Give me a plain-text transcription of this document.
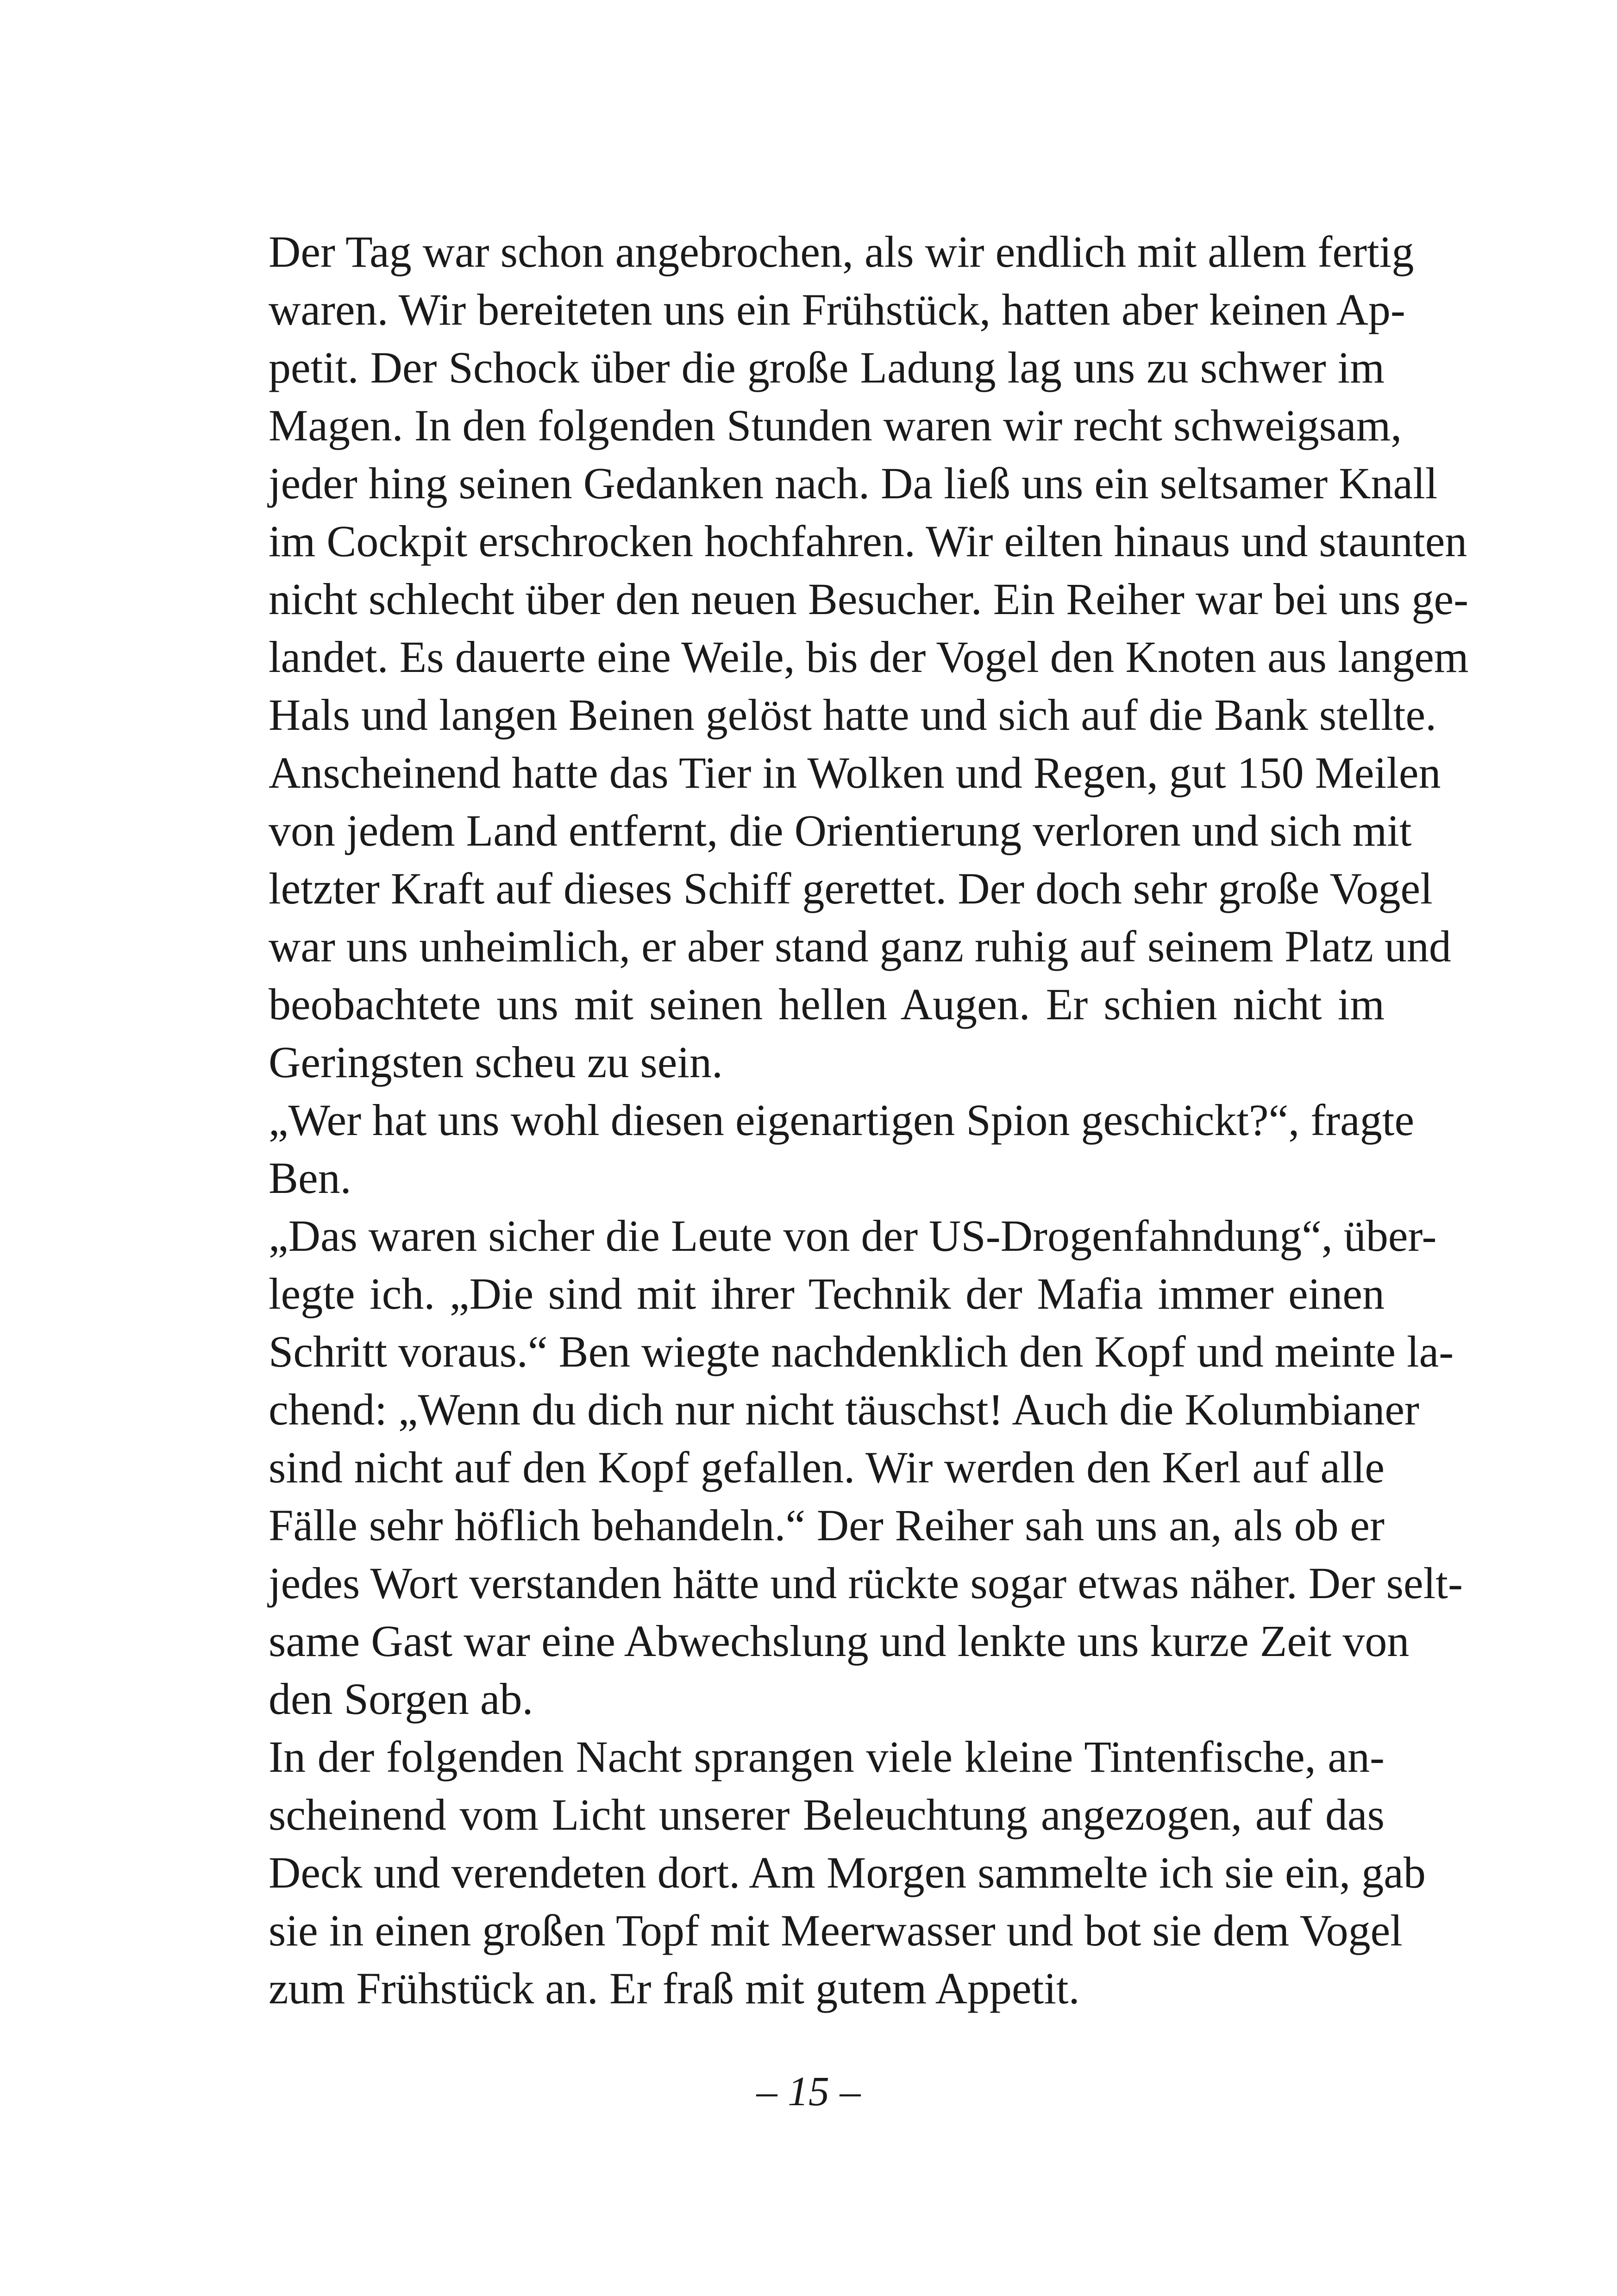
Der Tag war schon angebrochen, als wir endlich mit allem fertig
waren. Wir bereiteten uns ein Frühstück, hatten aber keinen Ap-
petit. Der Schock über die große Ladung lag uns zu schwer im
Magen. In den folgenden Stunden waren wir recht schweigsam,
jeder hing seinen Gedanken nach. Da ließ uns ein seltsamer Knall
im Cockpit erschrocken hochfahren. Wir eilten hinaus und staunten
nicht schlecht über den neuen Besucher. Ein Reiher war bei uns ge-
landet. Es dauerte eine Weile, bis der Vogel den Knoten aus langem
Hals und langen Beinen gelöst hatte und sich auf die Bank stellte.
Anscheinend hatte das Tier in Wolken und Regen, gut 150 Meilen
von jedem Land entfernt, die Orientierung verloren und sich mit
letzter Kraft auf dieses Schiff gerettet. Der doch sehr große Vogel
war uns unheimlich, er aber stand ganz ruhig auf seinem Platz und
beobachtete uns mit seinen hellen Augen. Er schien nicht im
Geringsten scheu zu sein.
„Wer hat uns wohl diesen eigenartigen Spion geschickt?“, fragte
Ben.
„Das waren sicher die Leute von der US-Drogenfahndung“, über-
legte ich. „Die sind mit ihrer Technik der Mafia immer einen
Schritt voraus.“ Ben wiegte nachdenklich den Kopf und meinte la-
chend: „Wenn du dich nur nicht täuschst! Auch die Kolumbianer
sind nicht auf den Kopf gefallen. Wir werden den Kerl auf alle
Fälle sehr höflich behandeln.“ Der Reiher sah uns an, als ob er
jedes Wort verstanden hätte und rückte sogar etwas näher. Der selt-
same Gast war eine Abwechslung und lenkte uns kurze Zeit von
den Sorgen ab.
In der folgenden Nacht sprangen viele kleine Tintenfische, an-
scheinend vom Licht unserer Beleuchtung angezogen, auf das
Deck und verendeten dort. Am Morgen sammelte ich sie ein, gab
sie in einen großen Topf mit Meerwasser und bot sie dem Vogel
zum Frühstück an. Er fraß mit gutem Appetit.
– 15 –
